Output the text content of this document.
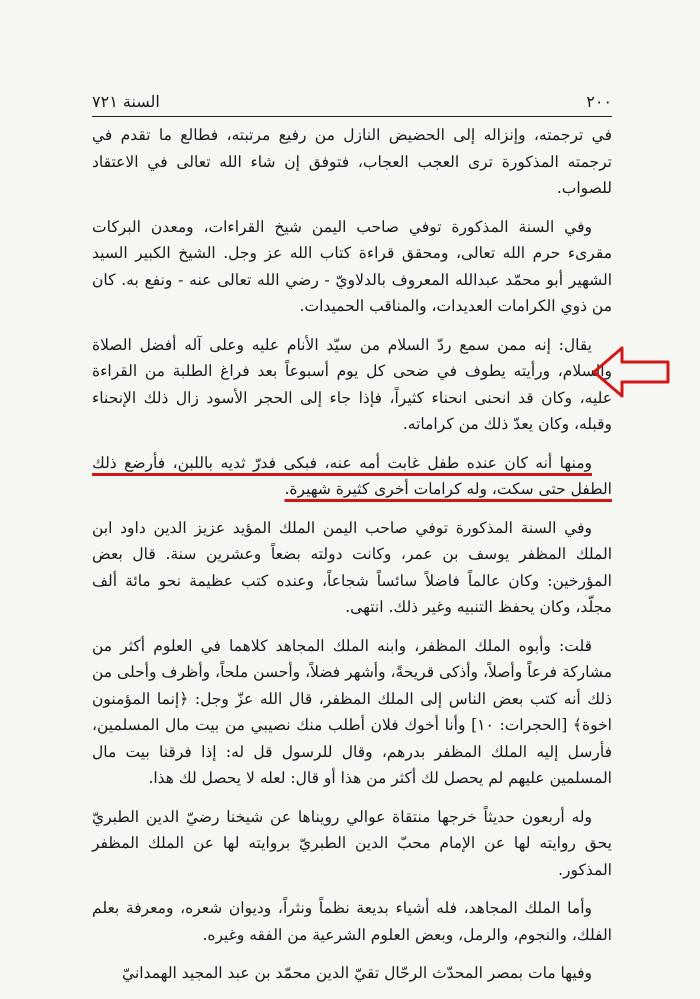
٢٠٠
السنة ٧٢١

في ترجمته، وإنزاله إلى الحضيض النازل من رفيع مرتبته، فطالع ما تقدم في ترجمته المذكورة ترى العجب العجاب، فتوفق إن شاء الله تعالى في الاعتقاد للصواب.

وفي السنة المذكورة توفي صاحب اليمن شيخ القراءات، ومعدن البركات مقرىء حرم الله تعالى، ومحقق قراءة كتاب الله عز وجل. الشيخ الكبير السيد الشهير أبو محمّد عبدالله المعروف بالدلاويّ - رضي الله تعالى عنه - ونفع به. كان من ذوي الكرامات العديدات، والمناقب الحميدات.

يقال: إنه ممن سمع ردّ السلام من سيّد الأنام عليه وعلى آله أفضل الصلاة والسلام، ورأيته يطوف في ضحى كل يوم أسبوعاً بعد فراغ الطلبة من القراءة عليه، وكان قد انحنى انحناء كثيراً، فإذا جاء إلى الحجر الأسود زال ذلك الإنحناء وقبله، وكان يعدّ ذلك من كراماته.

ومنها أنه كان عنده طفل غابت أمه عنه، فبكى فدرّ ثديه باللبن، فأرضع ذلك الطفل حتى سكت، وله كرامات أخرى كثيرة شهيرة.

وفي السنة المذكورة توفي صاحب اليمن الملك المؤيد عزيز الدين داود ابن الملك المظفر يوسف بن عمر، وكانت دولته بضعاً وعشرين سنة. قال بعض المؤرخين: وكان عالماً فاضلاً سائساً شجاعاً، وعنده كتب عظيمة نحو مائة ألف مجلّد، وكان يحفظ التنبيه وغير ذلك. انتهى.

قلت: وأبوه الملك المظفر، وابنه الملك المجاهد كلاهما في العلوم أكثر من مشاركة فرعاً وأصلاً، وأذكى قريحةً، وأشهر فضلاً، وأحسن ملحاً، وأظرف وأحلى من ذلك أنه كتب بعض الناس إلى الملك المظفر، قال الله عزّ وجل: ﴿إنما المؤمنون اخوة﴾ [الحجرات: ١٠] وأنا أخوك فلان أطلب منك نصيبي من بيت مال المسلمين، فأرسل إليه الملك المظفر بدرهم، وقال للرسول قل له: إذا فرقنا بيت مال المسلمين عليهم لم يحصل لك أكثر من هذا أو قال: لعله لا يحصل لك هذا.

وله أربعون حديثاً خرجها منتقاة عوالي رويناها عن شيخنا رضيّ الدين الطبريّ يحق روايته لها عن الإمام محبّ الدين الطبريّ بروايته لها عن الملك المظفر المذكور.

وأما الملك المجاهد، فله أشياء بديعة نظماً ونثراً، وديوان شعره، ومعرفة بعلم الفلك، والنجوم، والرمل، وبعض العلوم الشرعية من الفقه وغيره.

وفيها مات بمصر المحدّث الرحّال تقيّ الدين محمّد بن عبد المجيد الهمدانيّ
